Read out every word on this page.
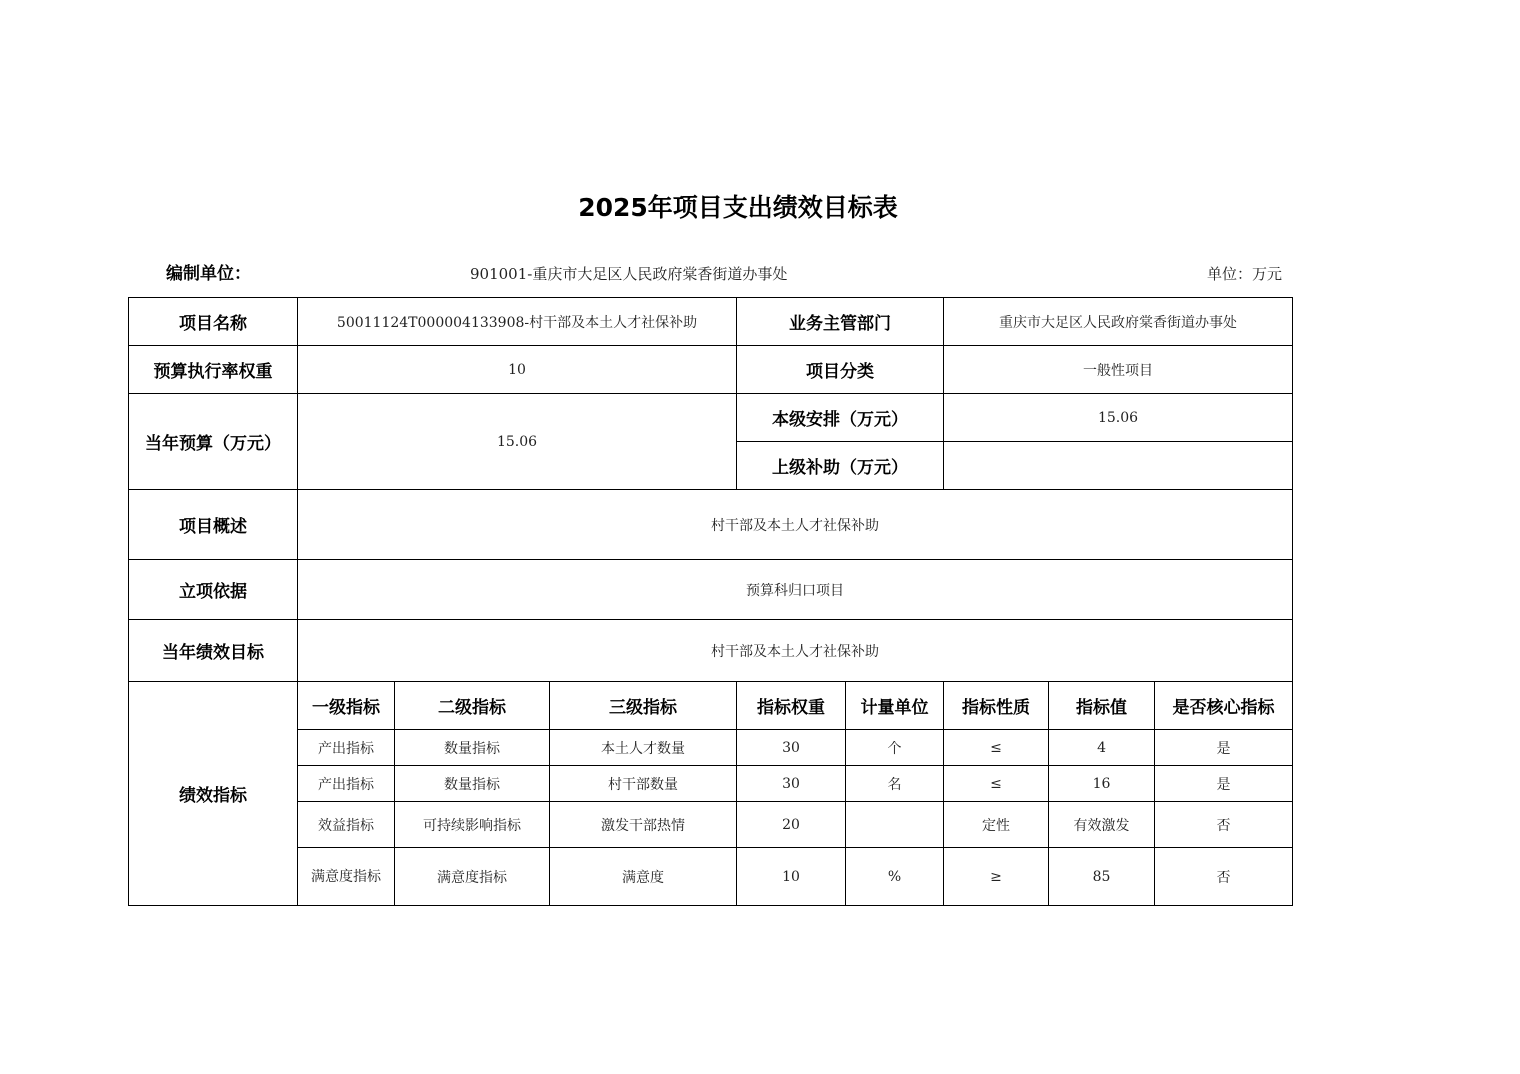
2025年项目支出绩效目标表
编制单位：	901001-重庆市大足区人民政府棠香街道办事处	单位：万元
项目名称	50011124T000004133908-村干部及本土人才社保补助			业务主管部门		重庆市大足区人民政府棠香街道办事处		
预算执行率权重	10			项目分类		一般性项目		
当年预算（万元）	15.06			本级安排（万元）		15.06		
				上级补助（万元）				
项目概述	村干部及本土人才社保补助							
立项依据	预算科归口项目							
当年绩效目标	村干部及本土人才社保补助							
绩效指标	一级指标	二级指标	三级指标	指标权重	计量单位	指标性质	指标值	是否核心指标
	产出指标	数量指标	本土人才数量	30	个	≤	4	是
	产出指标	数量指标	村干部数量	30	名	≤	16	是
	效益指标	可持续影响指标	激发干部热情	20		定性	有效激发	否
	满意度指标	满意度指标	满意度	10	%	≥	85	否
